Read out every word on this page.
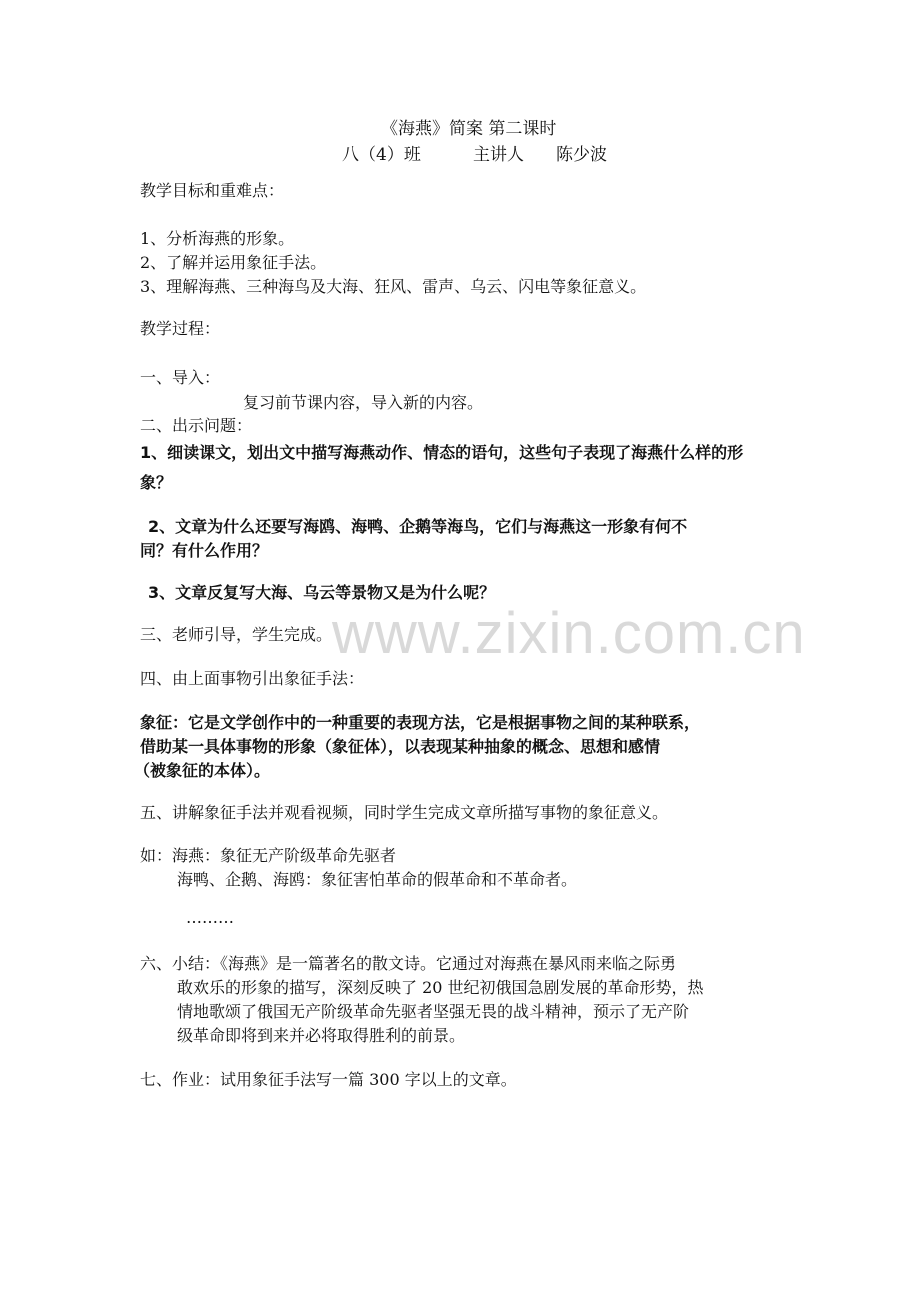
www.zixin.com.cn
《海燕》简案 第二课时
八（4）班	主讲人 陈少波
教学目标和重难点：
1、分析海燕的形象。
2、了解并运用象征手法。
3、理解海燕、三种海鸟及大海、狂风、雷声、乌云、闪电等象征意义。
教学过程：
一、导入：
复习前节课内容，导入新的内容。
二、出示问题：
1、细读课文，划出文中描写海燕动作、情态的语句，这些句子表现了海燕什么样的形
象？
2、文章为什么还要写海鸥、海鸭、企鹅等海鸟，它们与海燕这一形象有何不
同？有什么作用？
3、文章反复写大海、乌云等景物又是为什么呢？
三、老师引导，学生完成。
四、由上面事物引出象征手法：
象征：它是文学创作中的一种重要的表现方法，它是根据事物之间的某种联系，
借助某一具体事物的形象（象征体），以表现某种抽象的概念、思想和感情
（被象征的本体）。
五、讲解象征手法并观看视频，同时学生完成文章所描写事物的象征意义。
如：海燕：象征无产阶级革命先驱者
海鸭、企鹅、海鸥：象征害怕革命的假革命和不革命者。
………
六、小结：《海燕》是一篇著名的散文诗。它通过对海燕在暴风雨来临之际勇
敢欢乐的形象的描写，深刻反映了 20 世纪初俄国急剧发展的革命形势，热
情地歌颂了俄国无产阶级革命先驱者坚强无畏的战斗精神，预示了无产阶
级革命即将到来并必将取得胜利的前景。
七、作业：试用象征手法写一篇 300 字以上的文章。
